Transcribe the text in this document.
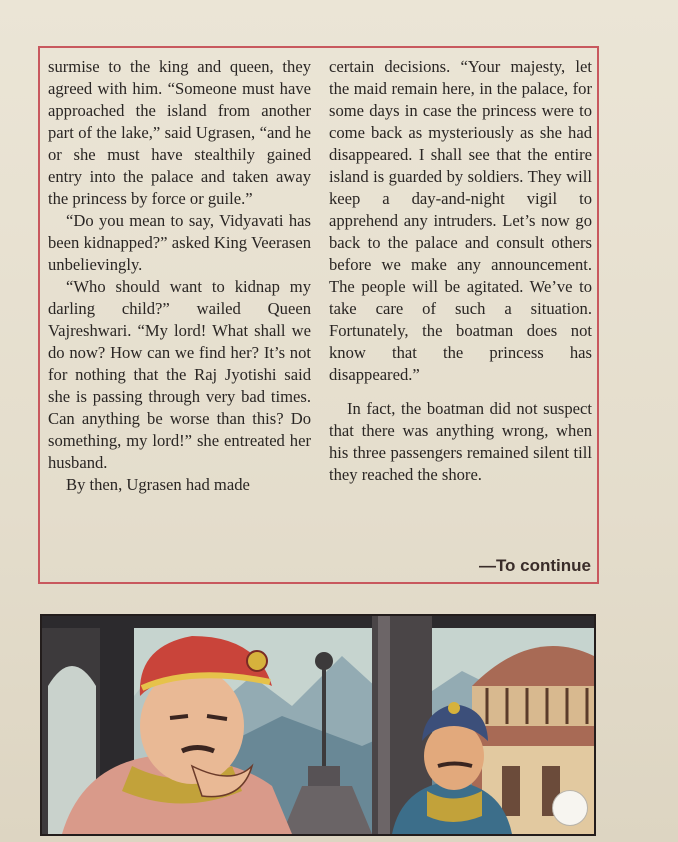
surmise to the king and queen, they agreed with him. “Someone must have approached the island from another part of the lake,” said Ugrasen, “and he or she must have stealthily gained entry into the palace and taken away the princess by force or guile.”

“Do you mean to say, Vidyavati has been kidnapped?” asked King Veerasen unbelievingly.

“Who should want to kidnap my darling child?” wailed Queen Vajreshwari. “My lord! What shall we do now? How can we find her? It’s not for nothing that the Raj Jyotishi said she is passing through very bad times. Can anything be worse than this? Do something, my lord!” she entreated her husband.

By then, Ugrasen had made

certain decisions. “Your majesty, let the maid remain here, in the palace, for some days in case the princess were to come back as mysteriously as she had disappeared. I shall see that the entire island is guarded by soldiers. They will keep a day-and-night vigil to apprehend any intruders. Let’s now go back to the palace and consult others before we make any announcement. The people will be agitated. We’ve to take care of such a situation. Fortunately, the boatman does not know that the princess has disappeared.”

In fact, the boatman did not suspect that there was anything wrong, when his three passengers remained silent till they reached the shore.

—To continue
